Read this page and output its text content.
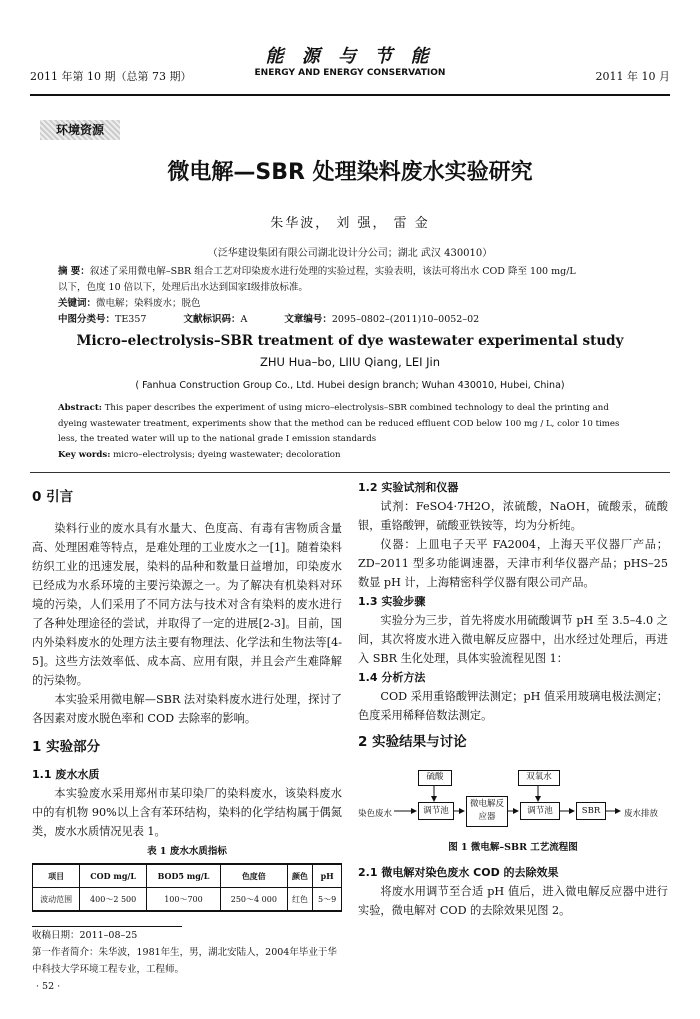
2011 年第 10 期（总第 73 期）
能 源 与 节 能
ENERGY AND ENERGY CONSERVATION	2011 年 10 月
环境资源
微电解—SBR 处理染料废水实验研究
朱华波， 刘 强， 雷 金
（泛华建设集团有限公司湖北设计分公司；湖北 武汉 430010）
摘 要：叙述了采用微电解–SBR 组合工艺对印染废水进行处理的实验过程，实验表明，该法可将出水 COD 降至 100 mg/L
以下，色度 10 倍以下，处理后出水达到国家Ⅰ级排放标准。
关键词：微电解；染料废水；脱色
中图分类号：TE357	文献标识码：A	文章编号：2095–0802–(2011)10–0052–02
Micro–electrolysis–SBR treatment of dye wastewater experimental study
ZHU Hua–bo, LIIU Qiang, LEI Jin
( Fanhua Construction Group Co., Ltd. Hubei design branch; Wuhan 430010, Hubei, China)
Abstract: This paper describes the experiment of using micro–electrolysis–SBR combined technology to deal the printing and
dyeing wastewater treatment, experiments show that the method can be reduced effluent COD below 100 mg / L, color 10 times
less, the treated water will up to the national grade Ⅰ emission standards
Key words: micro–electrolysis; dyeing wastewater; decoloration
0 引言

染料行业的废水具有水量大、色度高、有毒有害物质含量高、处理困难等特点，是难处理的工业废水之一[1]。随着染料纺织工业的迅速发展，染料的品种和数量日益增加，印染废水已经成为水系环境的主要污染源之一。为了解决有机染料对环境的污染，人们采用了不同方法与技术对含有染料的废水进行了各种处理途径的尝试，并取得了一定的进展[2-3]。目前，国内外染料废水的处理方法主要有物理法、化学法和生物法等[4-5]。这些方法效率低、成本高、应用有限，并且会产生难降解的污染物。

本实验采用微电解—SBR 法对染料废水进行处理，探讨了各因素对废水脱色率和 COD 去除率的影响。

1 实验部分
1.1 废水水质

本实验废水采用郑州市某印染厂的染料废水，该染料废水中的有机物 90%以上含有苯环结构，染料的化学结构属于偶氮类，废水水质情况见表 1。

表 1 废水水质指标
项目	COD mg/L	BOD5 mg/L	色度倍	颜色	pH
波动范围	400～2 500	100～700	250～4 000	红色	5～9
收稿日期：2011–08–25
第一作者简介：朱华波，1981年生，男，湖北安陆人，2004年毕业于华中科技大学环境工程专业，工程师。
· 52 ·
1.2 实验试剂和仪器

试剂：FeSO4·7H2O，浓硫酸，NaOH，硫酸汞，硫酸银，重铬酸钾，硫酸亚铁铵等，均为分析纯。

仪器：上皿电子天平 FA2004，上海天平仪器厂产品；ZD–2011 型多功能调速器，天津市利华仪器产品；pHS–25 数显 pH 计，上海精密科学仪器有限公司产品。

1.3 实验步骤

实验分为三步，首先将废水用硫酸调节 pH 至 3.5–4.0 之间，其次将废水进入微电解反应器中，出水经过处理后，再进入 SBR 生化处理，具体实验流程见图 1：

1.4 分析方法

COD 采用重铬酸钾法测定；pH 值采用玻璃电极法测定；色度采用稀释倍数法测定。

2 实验结果与讨论
染色废水
硫酸
调节池
微电解反应器
双氧水
调节池	SBR	废水排放
图 1 微电解–SBR 工艺流程图
2.1 微电解对染色废水 COD 的去除效果

将废水用调节至合适 pH 值后，进入微电解反应器中进行实验，微电解对 COD 的去除效果见图 2。
